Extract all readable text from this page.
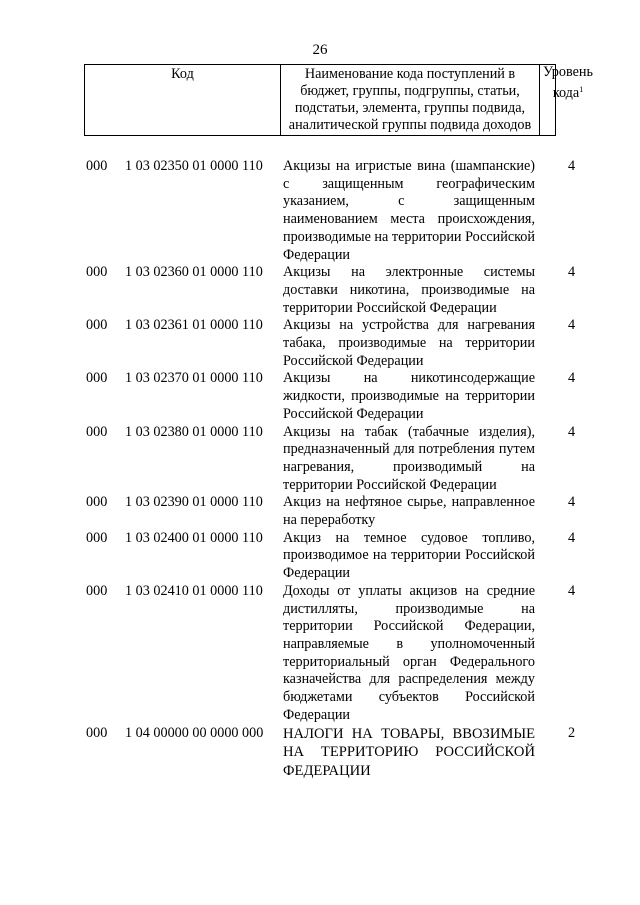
26
Код	Наименование кода поступлений в бюджет, группы, подгруппы, статьи, подстатьи, элемента, группы подвида, аналитической группы подвида доходов
Уровень кода$^1$
000 1 03 02350 01 0000 110 Акцизы на игристые вина (шампанские) с защищенным географическим указанием, с защищенным наименованием места происхождения, производимые на территории Российской Федерации
4
000 1 03 02360 01 0000 110 Акцизы на электронные системы доставки никотина, производимые на территории Российской Федерации
4
000 1 03 02361 01 0000 110 Акцизы на устройства для нагревания табака, производимые на территории Российской Федерации
4
000 1 03 02370 01 0000 110 Акцизы на никотинсодержащие жидкости, производимые на территории Российской Федерации
4
000 1 03 02380 01 0000 110 Акцизы на табак (табачные изделия), предназначенный для потребления путем нагревания, производимый на территории Российской Федерации
4
000 1 03 02390 01 0000 110 Акциз на нефтяное сырье, направленное на переработку
4
000 1 03 02400 01 0000 110 Акциз на темное судовое топливо, производимое на территории Российской Федерации
4
000 1 03 02410 01 0000 110 Доходы от уплаты акцизов на средние дистилляты, производимые на территории Российской Федерации, направляемые в уполномоченный территориальный орган Федерального казначейства для распределения между бюджетами субъектов Российской Федерации
4
000 1 04 00000 00 0000 000 НАЛОГИ НА ТОВАРЫ, ВВОЗИМЫЕ НА ТЕРРИТОРИЮ РОССИЙСКОЙ ФЕДЕРАЦИИ
2
